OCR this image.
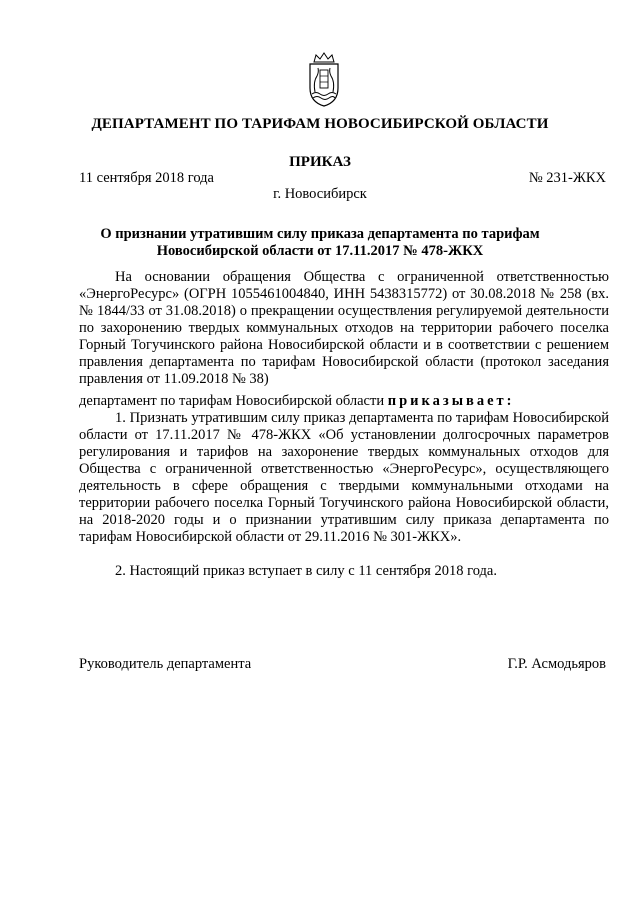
ДЕПАРТАМЕНТ ПО ТАРИФАМ НОВОСИБИРСКОЙ ОБЛАСТИ
ПРИКАЗ
11 сентября 2018 года	№ 231-ЖКХ
г. Новосибирск
О признании утратившим силу приказа департамента по тарифам Новосибирской области от 17.11.2017 № 478-ЖКХ
На основании обращения Общества с ограниченной ответственностью «ЭнергоРесурс» (ОГРН 1055461004840, ИНН 5438315772) от 30.08.2018 № 258 (вх. № 1844/33 от 31.08.2018) о прекращении осуществления регулируемой деятельности по захоронению твердых коммунальных отходов на территории рабочего поселка Горный Тогучинского района Новосибирской области и в соответствии с решением правления департамента по тарифам Новосибирской области (протокол заседания правления от 11.09.2018 № 38)
департамент по тарифам Новосибирской области приказывает:
1. Признать утратившим силу приказ департамента по тарифам Новосибирской области от 17.11.2017 № 478-ЖКХ «Об установлении долгосрочных параметров регулирования и тарифов на захоронение твердых коммунальных отходов для Общества с ограниченной ответственностью «ЭнергоРесурс», осуществляющего деятельность в сфере обращения с твердыми коммунальными отходами на территории рабочего поселка Горный Тогучинского района Новосибирской области, на 2018-2020 годы и о признании утратившим силу приказа департамента по тарифам Новосибирской области от 29.11.2016 № 301-ЖКХ».
2. Настоящий приказ вступает в силу с 11 сентября 2018 года.
Руководитель департамента	Г.Р. Асмодьяров
